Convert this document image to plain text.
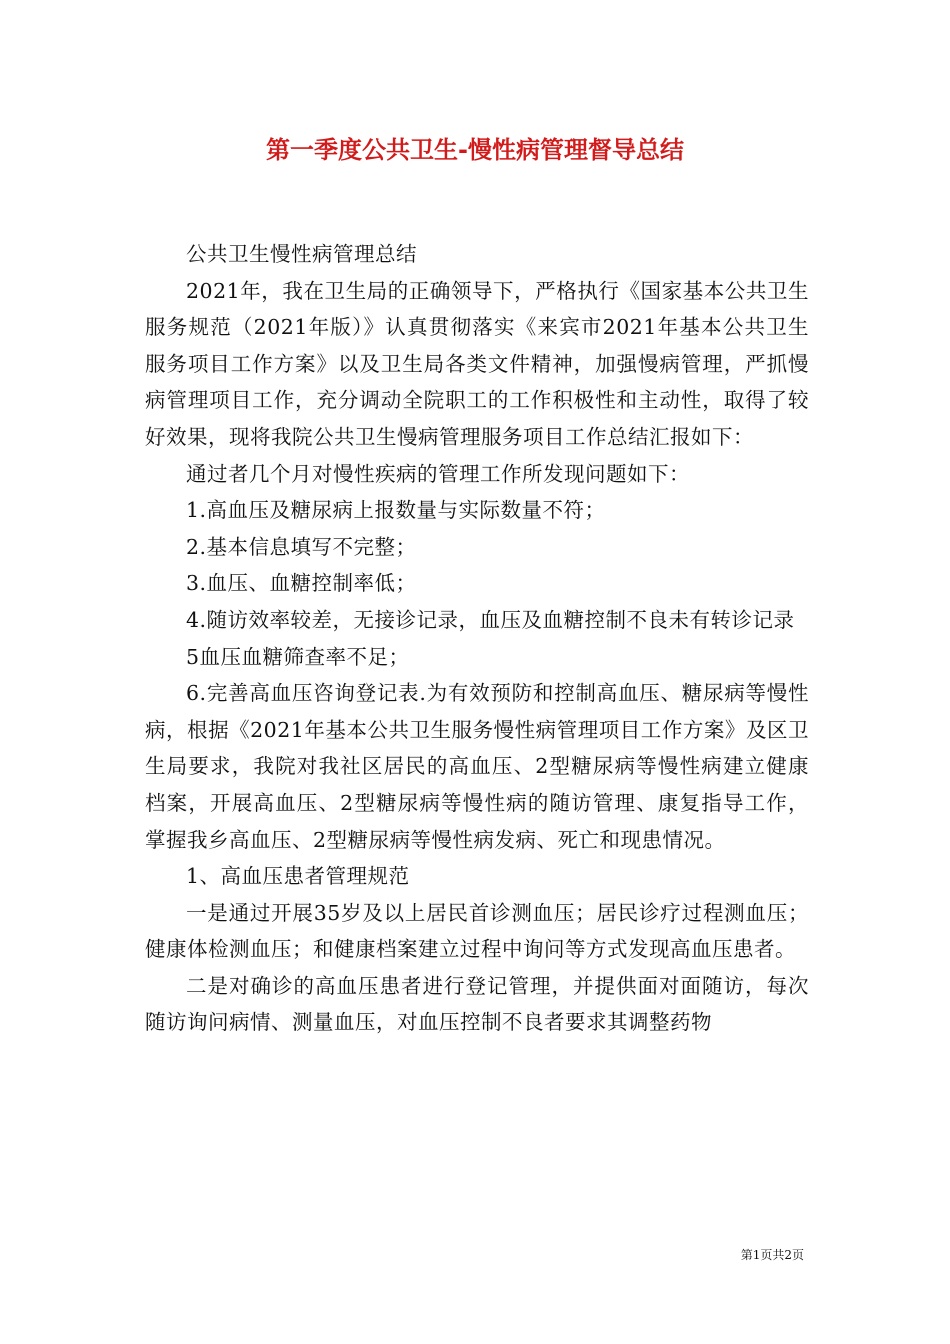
第一季度公共卫生-慢性病管理督导总结

公共卫生慢性病管理总结

2021年，我在卫生局的正确领导下，严格执行《国家基本公共卫生服务规范（2021年版）》认真贯彻落实《来宾市2021年基本公共卫生服务项目工作方案》以及卫生局各类文件精神，加强慢病管理，严抓慢病管理项目工作，充分调动全院职工的工作积极性和主动性，取得了较好效果，现将我院公共卫生慢病管理服务项目工作总结汇报如下：

通过者几个月对慢性疾病的管理工作所发现问题如下：

1.高血压及糖尿病上报数量与实际数量不符；

2.基本信息填写不完整；

3.血压、血糖控制率低；

4.随访效率较差，无接诊记录，血压及血糖控制不良未有转诊记录

5血压血糖筛查率不足；

6.完善高血压咨询登记表.为有效预防和控制高血压、糖尿病等慢性病，根据《2021年基本公共卫生服务慢性病管理项目工作方案》及区卫生局要求，我院对我社区居民的高血压、2型糖尿病等慢性病建立健康档案，开展高血压、2型糖尿病等慢性病的随访管理、康复指导工作，掌握我乡高血压、2型糖尿病等慢性病发病、死亡和现患情况。

1、高血压患者管理规范

一是通过开展35岁及以上居民首诊测血压；居民诊疗过程测血压；健康体检测血压；和健康档案建立过程中询问等方式发现高血压患者。

二是对确诊的高血压患者进行登记管理，并提供面对面随访，每次随访询问病情、测量血压，对血压控制不良者要求其调整药物

第1页共2页
